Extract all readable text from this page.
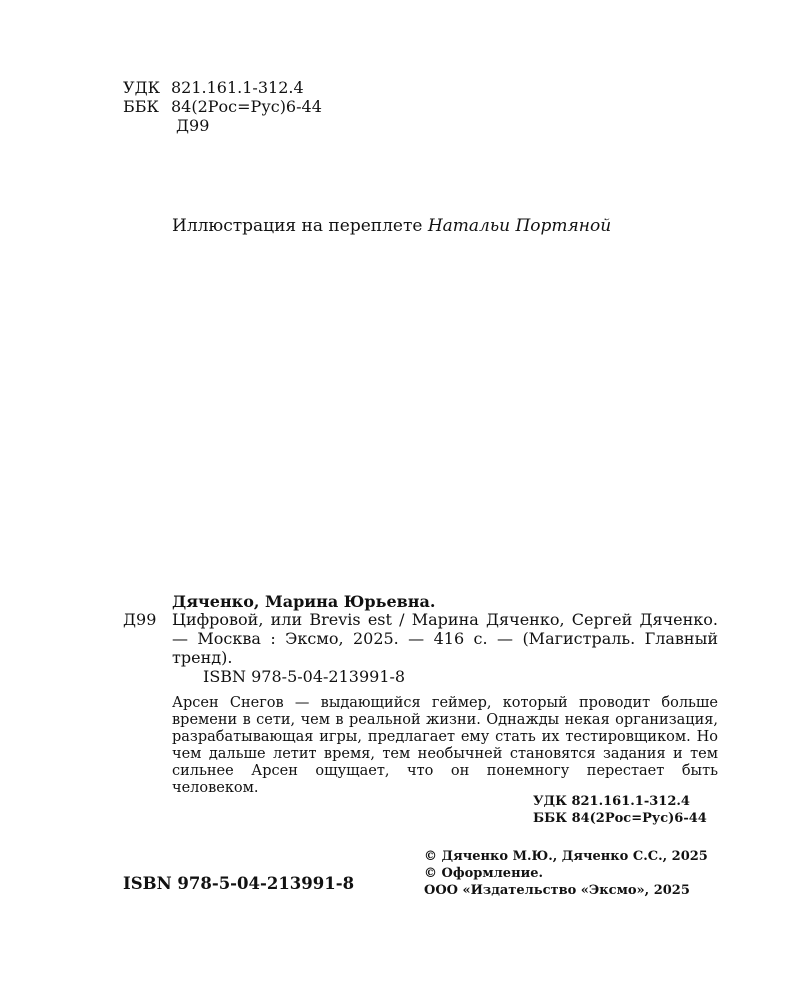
УДК 821.161.1-312.4
ББК 84(2Рос=Рус)6-44
Д99
Иллюстрация на переплете Натальи Портяной
Дяченко, Марина Юрьевна.
Д99 Цифровой, или Brevis est / Марина Дяченко, Сергей Дяченко. — Москва : Эксмо, 2025. — 416 с. — (Магистраль. Главный тренд).
ISBN 978-5-04-213991-8
Арсен Снегов — выдающийся геймер, который проводит больше времени в сети, чем в реальной жизни. Однажды некая организация, разрабатывающая игры, предлагает ему стать их тестировщиком. Но чем дальше летит время, тем необычней становятся задания и тем сильнее Арсен ощущает, что он понемногу перестает быть человеком.
УДК 821.161.1-312.4
ББК 84(2Рос=Рус)6-44
ISBN 978-5-04-213991-8
© Дяченко М.Ю., Дяченко С.С., 2025
© Оформление.
ООО «Издательство «Эксмо», 2025
